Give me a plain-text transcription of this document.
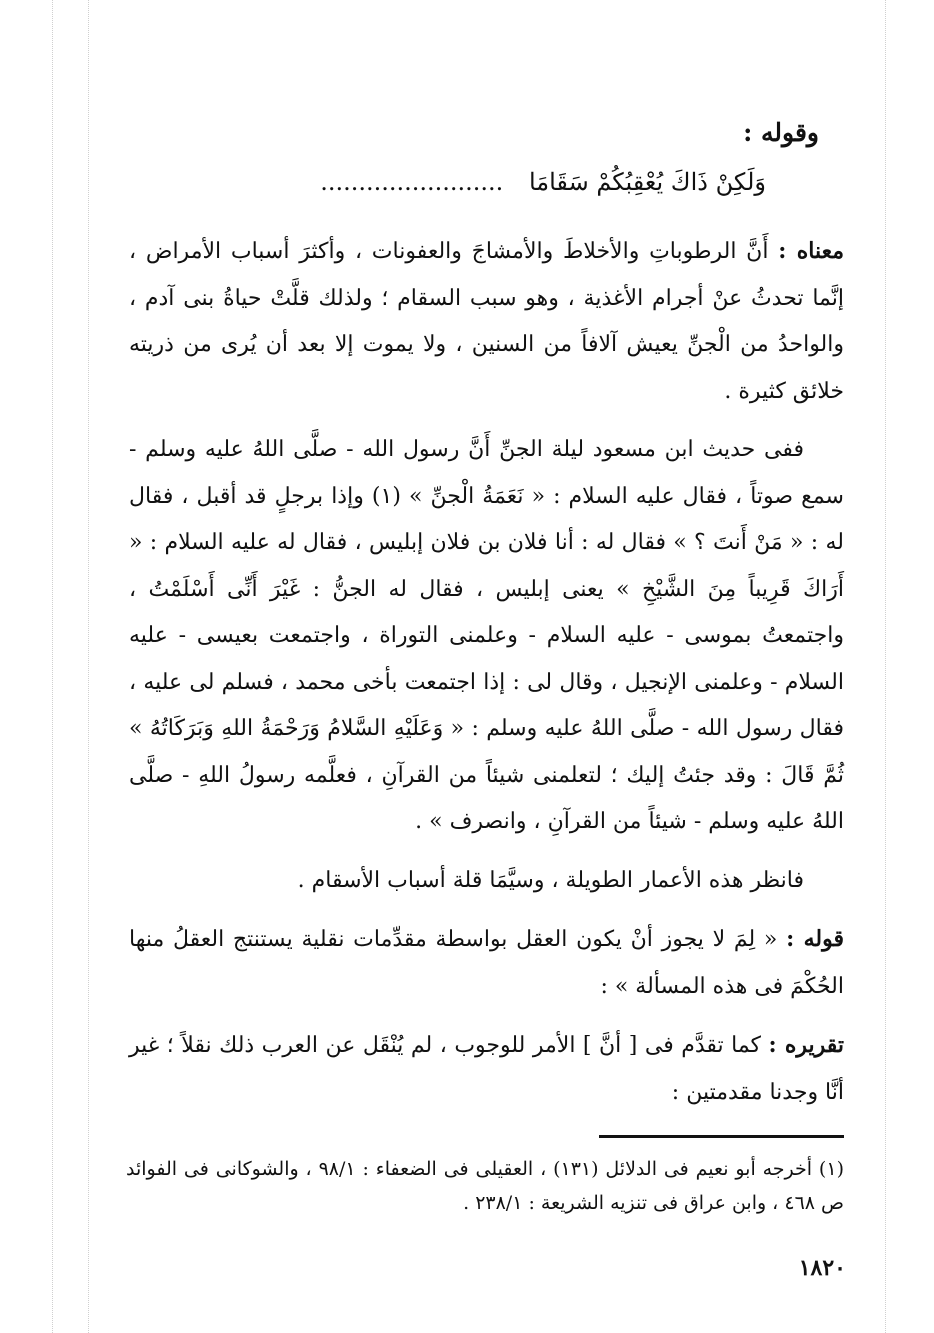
وقوله :
وَلَكِنْ ذَاكَ يُعْقِبُكُمْ سَقَامَا ........................

معناه : أَنَّ الرطوباتِ والأخلاطَ والأمشاجَ والعفونات ، وأكثرَ أسباب الأمراض ، إنَّما تحدثُ عنْ أجرام الأغذية ، وهو سبب السقام ؛ ولذلك قلَّتْ حياةُ بنى آدم ، والواحدُ من الْجنِّ يعيش آلافاً من السنين ، ولا يموت إلا بعد أن يُرى من ذريته خلائق كثيرة .

ففى حديث ابن مسعود ليلة الجنِّ أَنَّ رسول الله - صلَّى اللهُ عليه وسلم - سمع صوتاً ، فقال عليه السلام : « نَعَمَةُ الْجنِّ » (١) وإذا برجلٍ قد أقبل ، فقال له : « مَنْ أَنتَ ؟ » فقال له : أنا فلان بن فلان إبليس ، فقال له عليه السلام : « أَرَاكَ قَرِيباً مِنَ الشَّيْخِ » يعنى إبليس ، فقال له الجنُّ : غَيْرَ أَنِّى أَسْلَمْتُ ، واجتمعتُ بموسى - عليه السلام - وعلمنى التوراة ، واجتمعت بعيسى - عليه السلام - وعلمنى الإنجيل ، وقال لى : إذا اجتمعت بأخى محمد ، فسلم لى عليه ، فقال رسول الله - صلَّى اللهُ عليه وسلم : « وَعَلَيْهِ السَّلامُ وَرَحْمَةُ اللهِ وَبَرَكَاتُهُ » ثُمَّ قَالَ : وقد جئتُ إليك ؛ لتعلمنى شيئاً من القرآنِ ، فعلَّمه رسولُ اللهِ - صلَّى اللهُ عليه وسلم - شيئاً من القرآنِ ، وانصرف » .

فانظر هذه الأعمار الطويلة ، وسيَّمَا قلة أسباب الأسقام .

قوله : « لِمَ لا يجوز أنْ يكون العقل بواسطة مقدِّمات نقلية يستنتج العقلُ منها الحُكْمَ فى هذه المسألة » :

تقريره : كما تقدَّم فى [ أنَّ ] الأمر للوجوب ، لم يُنْقَل عن العرب ذلك نقلاً ؛ غير أنَّا وجدنا مقدمتين :

(١) أخرجه أبو نعيم فى الدلائل (١٣١) ، العقيلى فى الضعفاء : ٩٨/١ ، والشوكانى فى الفوائد ص ٤٦٨ ، وابن عراق فى تنزيه الشريعة : ٢٣٨/١ .

١٨٢٠
